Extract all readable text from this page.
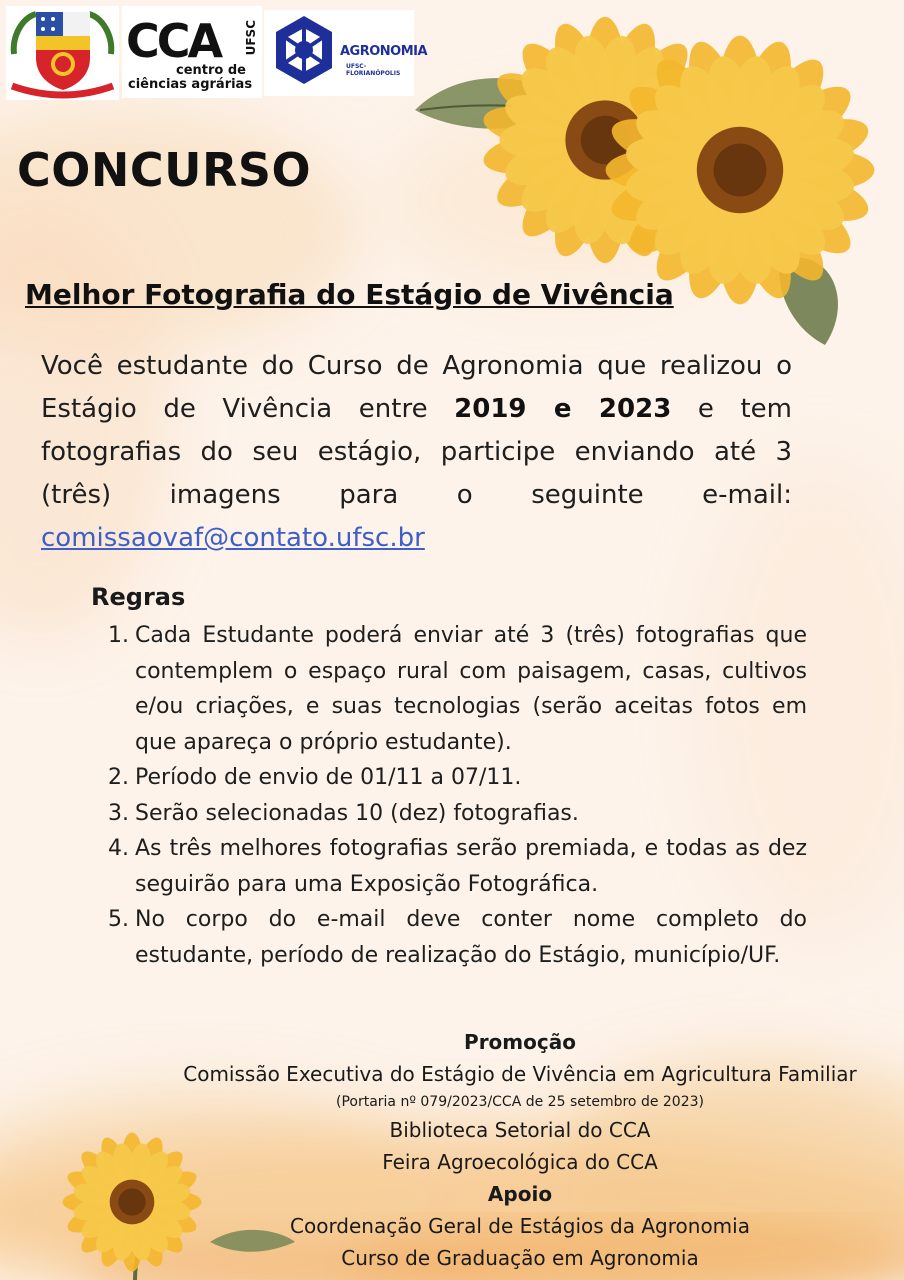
CCA UFSC
centro de
ciências agrárias
AGRONOMIA
UFSC- FLORIANÓPOLIS
CONCURSO
Melhor Fotografia do Estágio de Vivência

Você estudante do Curso de Agronomia que realizou o Estágio de Vivência entre 2019 e 2023 e tem fotografias do seu estágio, participe enviando até 3 (três) imagens para o seguinte e-mail: comissaovaf@contato.ufsc.br

Regras
1. Cada Estudante poderá enviar até 3 (três) fotografias que contemplem o espaço rural com paisagem, casas, cultivos e/ou criações, e suas tecnologias (serão aceitas fotos em que apareça o próprio estudante).
2. Período de envio de 01/11 a 07/11.
3. Serão selecionadas 10 (dez) fotografias.
4. As três melhores fotografias serão premiada, e todas as dez seguirão para uma Exposição Fotográfica.
5. No corpo do e-mail deve conter nome completo do estudante, período de realização do Estágio, município/UF.
Promoção
Comissão Executiva do Estágio de Vivência em Agricultura Familiar
(Portaria nº 079/2023/CCA de 25 setembro de 2023)
Biblioteca Setorial do CCA
Feira Agroecológica do CCA
Apoio
Coordenação Geral de Estágios da Agronomia
Curso de Graduação em Agronomia
